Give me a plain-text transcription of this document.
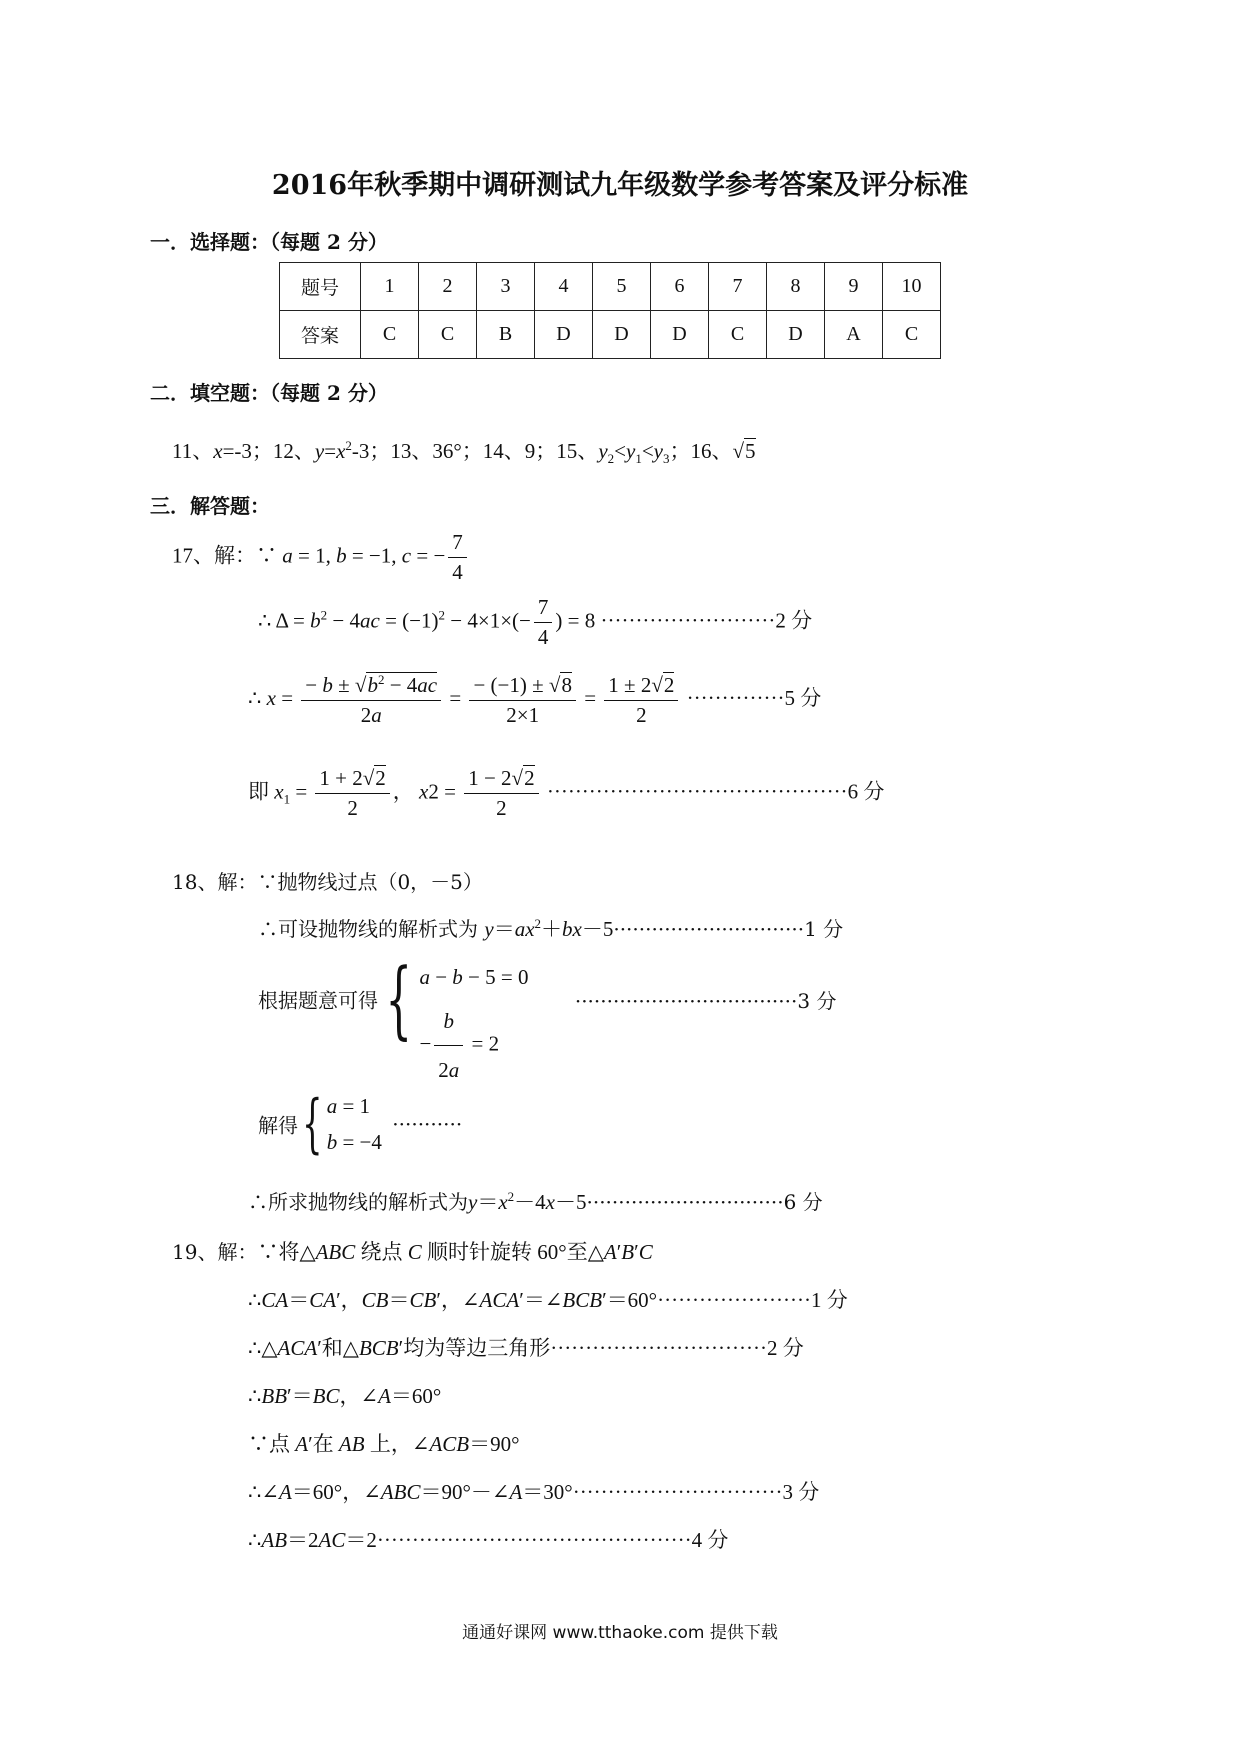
2016年秋季期中调研测试九年级数学参考答案及评分标准
一．选择题：（每题 2 分）
题号	1	2	3	4	5	6	7	8	9	10
答案	C	C	B	D	D	D	C	D	A	C
二．填空题：（每题 2 分）
11、x=-3；12、$y=x^2-3$；13、36°；14、9；15、$y_2<y_1<y_3$；16、√5
三．解答题：
17、解：∵ a = 1, b = −1, c = − $\frac{7}{4}$
∴ $\Delta = b^2 - 4ac = (-1)^2 - 4\times 1\times(- \frac{7}{4}$ ) = 8 ·························2 分
∴ $x = \frac{- b \pm √b^2 - 4ac}{2a} = \frac{- (-1) \pm √8}{2\times 1} = \frac{1 \pm 2√2}{2} \cdot\cdot\cdot\cdot\cdot\cdot\cdot\cdot\cdot\cdot\cdot\cdot\cdot\cdot 5$ 分
即 $x_1 = \frac{1 + 2√2}{2}$ ， $x2 = \frac{1 - 2√2}{2} \cdot\cdot\cdot\cdot\cdot\cdot\cdot\cdot\cdot\cdot\cdot\cdot\cdot\cdot\cdot\cdot\cdot\cdot\cdot\cdot\cdot\cdot\cdot\cdot\cdot\cdot\cdot\cdot\cdot\cdot\cdot\cdot\cdot\cdot\cdot\cdot\cdot\cdot\cdot\cdot\cdot\cdot\cdot 6$ 分
18、解：∵抛物线过点（0，－5）
∴可设抛物线的解析式为 $y=ax^2+bx-5\cdot\cdot\cdot\cdot\cdot\cdot\cdot\cdot\cdot\cdot\cdot\cdot\cdot\cdot\cdot\cdot\cdot\cdot\cdot\cdot\cdot\cdot\cdot\cdot\cdot\cdot\cdot\cdot\cdot\cdot 1$ 分
根据题意可得{ a − b − 5 = 0
− $\frac{b}{2a} = 2$
···································3 分
解得{ a = 1
b = −4
···········
∴所求抛物线的解析式为$y=x^2-4x-5\cdot\cdot\cdot\cdot\cdot\cdot\cdot\cdot\cdot\cdot\cdot\cdot\cdot\cdot\cdot\cdot\cdot\cdot\cdot\cdot\cdot\cdot\cdot\cdot\cdot\cdot\cdot\cdot\cdot\cdot\cdot 6$ 分
19、解：∵将△ABC 绕点 C 顺时针旋转 60°至△A′B′C
∴CA＝CA′，CB＝CB′，∠ACA′＝∠BCB′＝60°······················1 分
∴△ACA′和△BCB′均为等边三角形·······························2 分
∴BB′＝BC，∠A＝60°
∵点 A′在 AB 上，∠ACB＝90°
∴∠A＝60°，∠ABC＝90°－∠A＝30°······························3 分
∴AB＝2AC＝2·············································4 分
通通好课网 www.tthaoke.com 提供下载
